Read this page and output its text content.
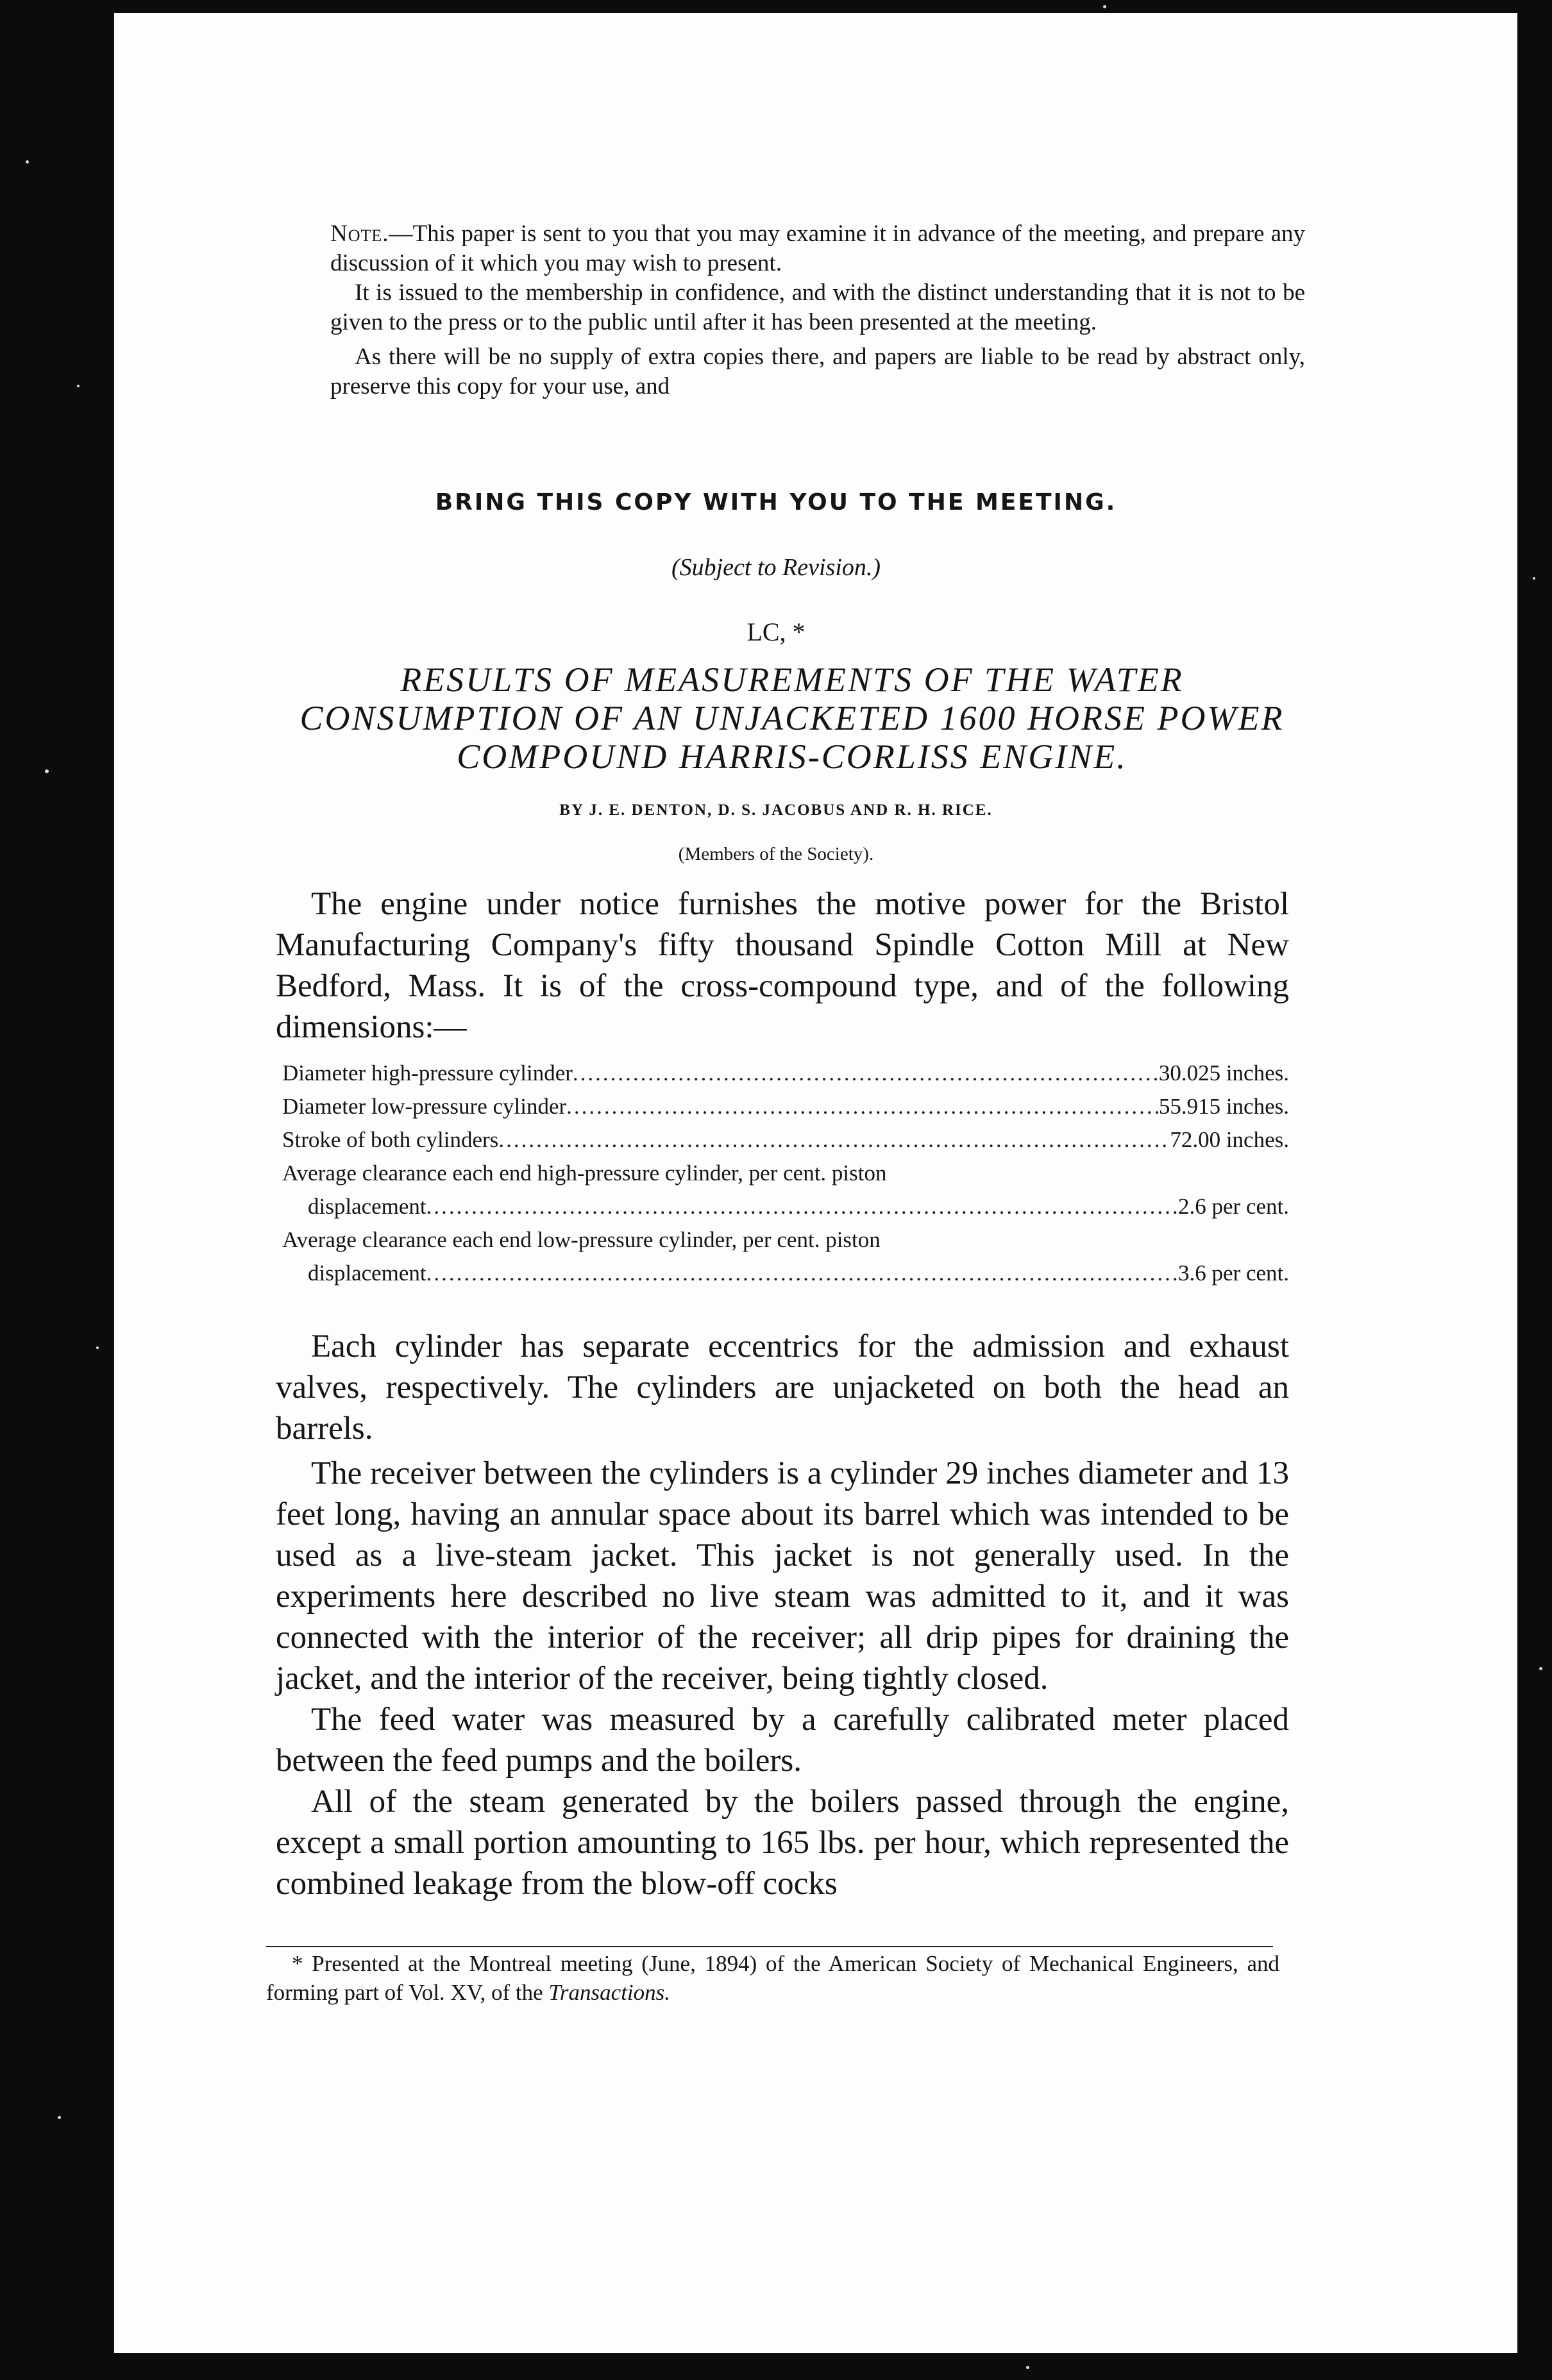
Note.—This paper is sent to you that you may examine it in advance of the meeting, and prepare any discussion of it which you may wish to present.

It is issued to the membership in confidence, and with the distinct understanding that it is not to be given to the press or to the public until after it has been presented at the meeting.

As there will be no supply of extra copies there, and papers are liable to be read by abstract only, preserve this copy for your use, and

BRING THIS COPY WITH YOU TO THE MEETING.
(Subject to Revision.)
LC, *
RESULTS OF MEASUREMENTS OF THE WATER CONSUMPTION OF AN UNJACKETED 1600 HORSE POWER COMPOUND HARRIS-CORLISS ENGINE.
BY J. E. DENTON, D. S. JACOBUS AND R. H. RICE.
(Members of the Society).

The engine under notice furnishes the motive power for the Bristol Manufacturing Company's fifty thousand Spindle Cotton Mill at New Bedford, Mass. It is of the cross-compound type, and of the following dimensions:—

Diameter high-pressure cylinder .....	30.025 inches.
Diameter low-pressure cylinder .....	55.915 inches.
Stroke of both cylinders .....	72.00 inches.
Average clearance each end high-pressure cylinder, per cent. piston
displacement .....	2.6 per cent.
Average clearance each end low-pressure cylinder, per cent. piston
displacement .....	3.6 per cent.

Each cylinder has separate eccentrics for the admission and exhaust valves, respectively. The cylinders are unjacketed on both the head an barrels.

The receiver between the cylinders is a cylinder 29 inches diameter and 13 feet long, having an annular space about its barrel which was intended to be used as a live-steam jacket. This jacket is not generally used. In the experiments here described no live steam was admitted to it, and it was connected with the interior of the receiver; all drip pipes for draining the jacket, and the interior of the receiver, being tightly closed.

The feed water was measured by a carefully calibrated meter placed between the feed pumps and the boilers.

All of the steam generated by the boilers passed through the engine, except a small portion amounting to 165 lbs. per hour, which represented the combined leakage from the blow-off cocks

* Presented at the Montreal meeting (June, 1894) of the American Society of Mechanical Engineers, and forming part of Vol. XV, of the Transactions.
